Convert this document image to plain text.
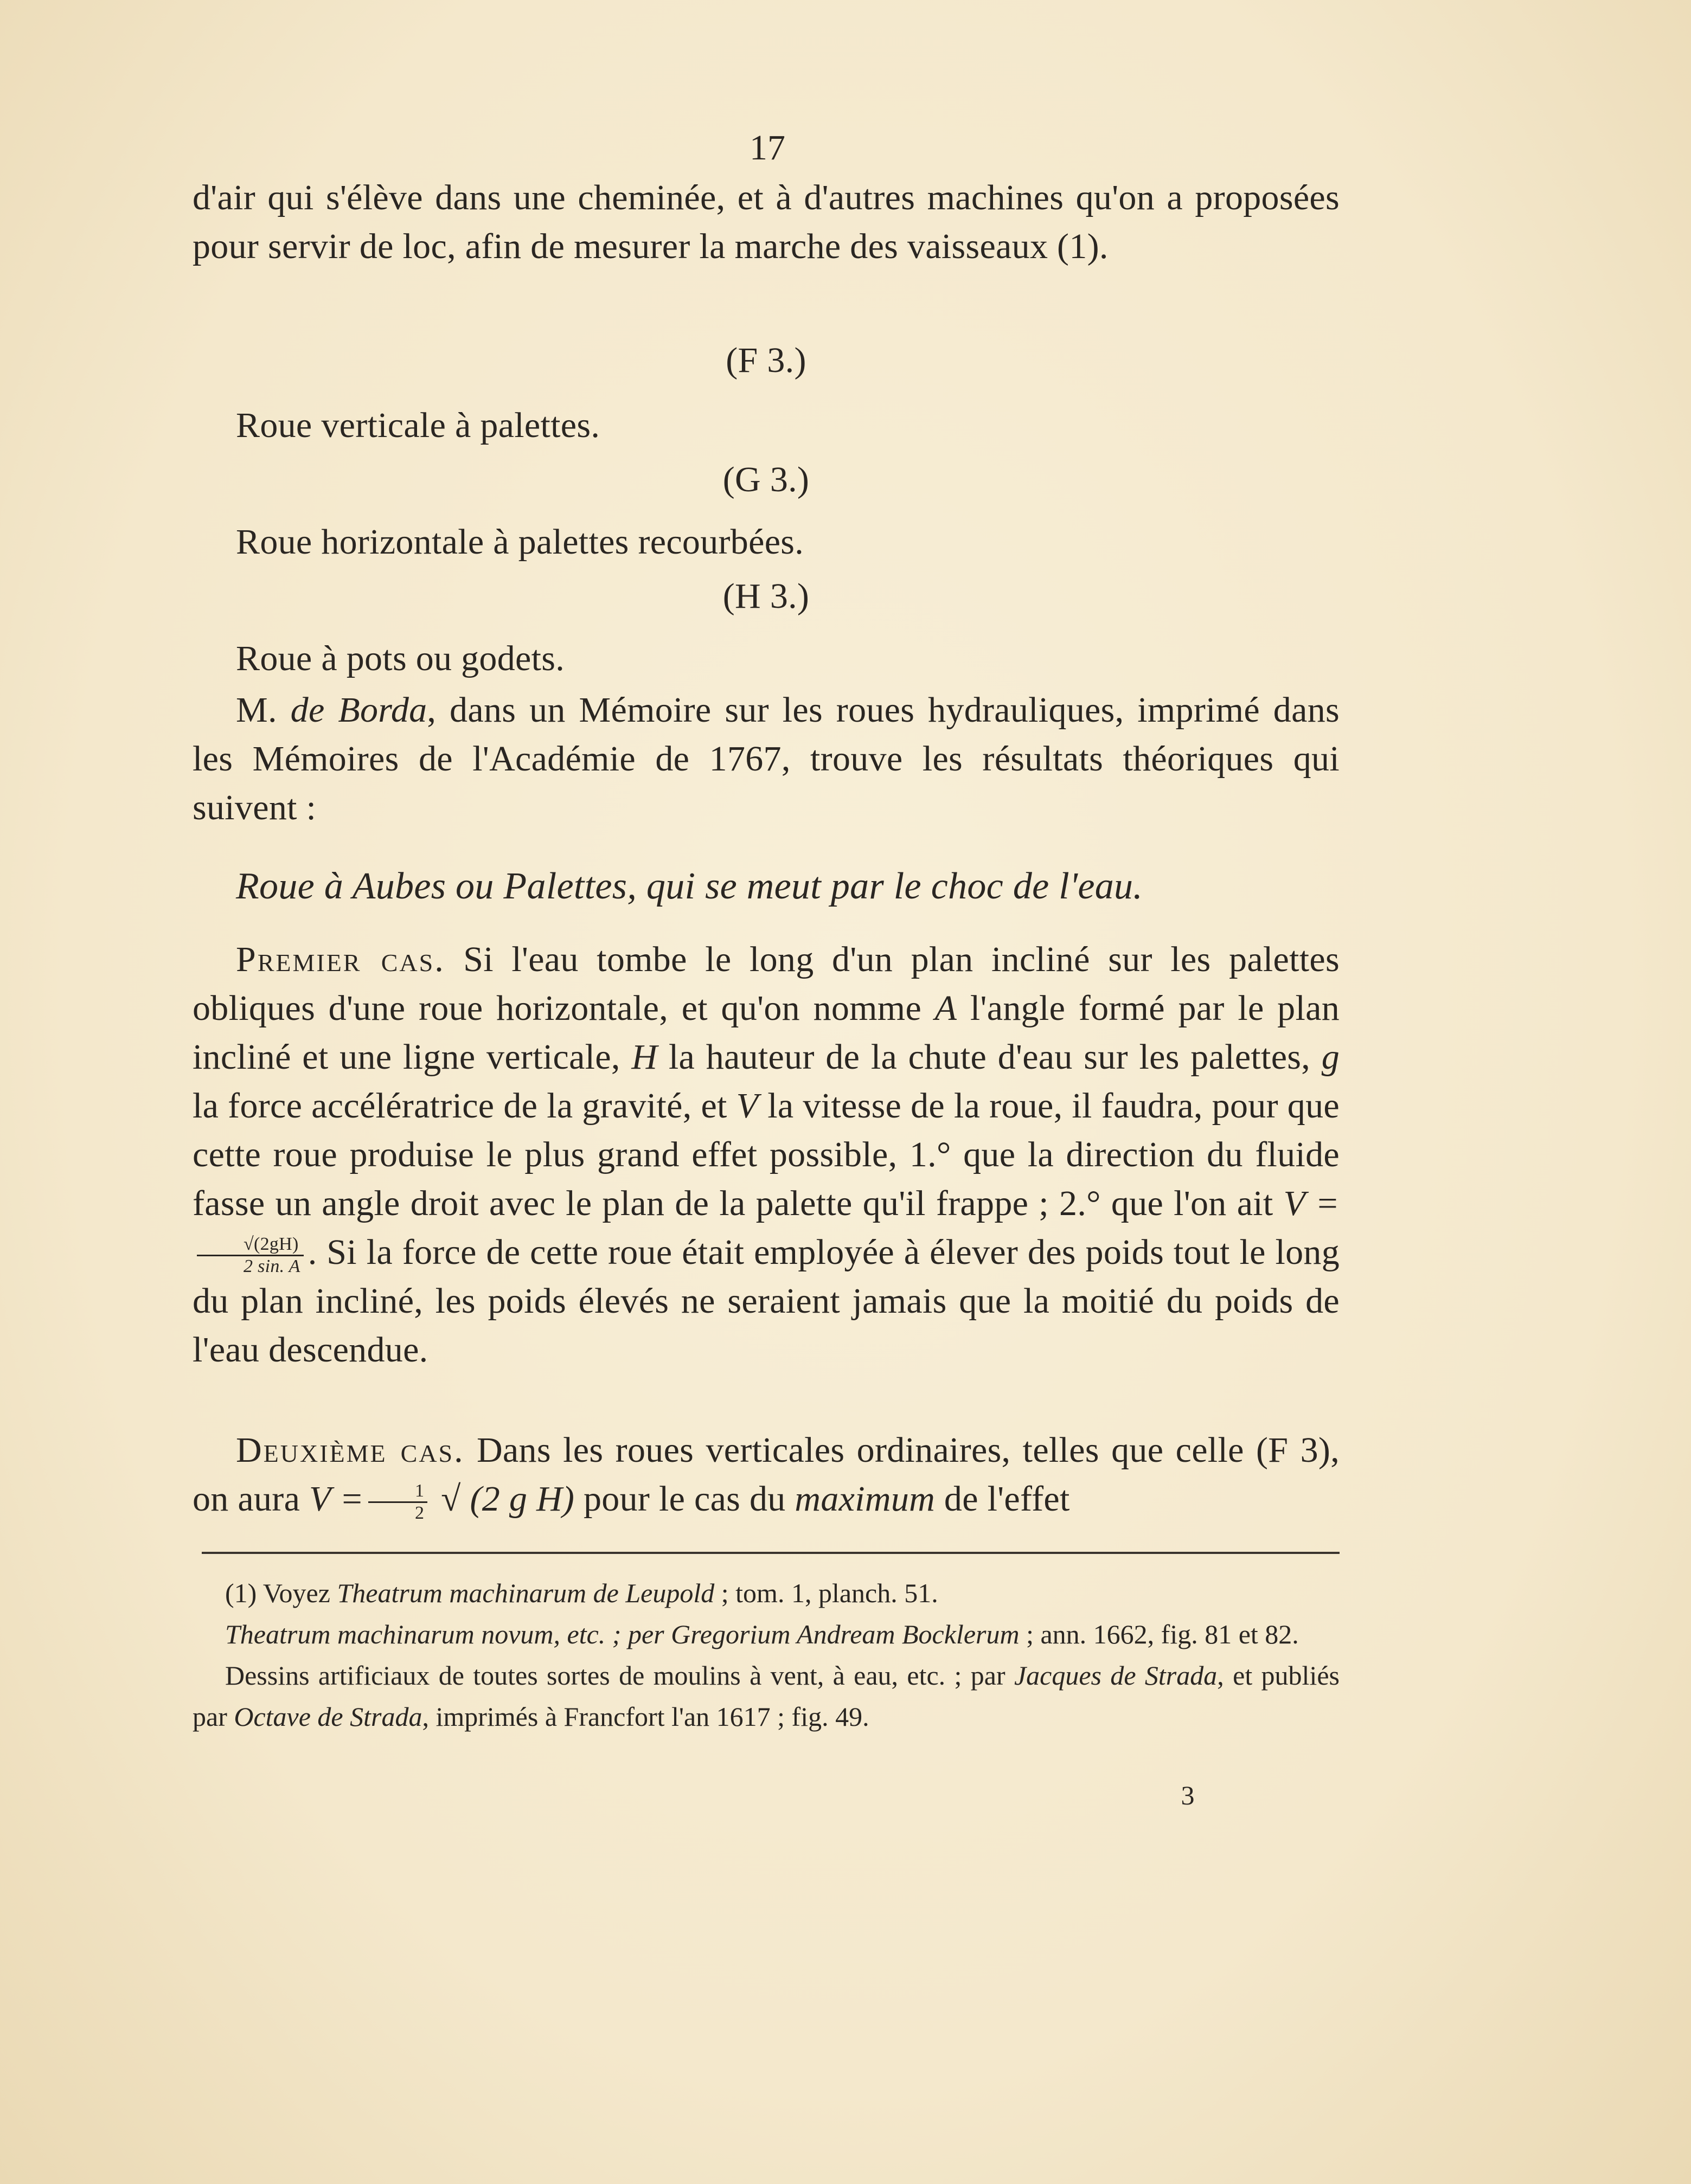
17

d'air qui s'élève dans une cheminée, et à d'autres machines qu'on a proposées pour servir de loc, afin de mesurer la marche des vaisseaux (1).

(F 3.)

Roue verticale à palettes.

(G 3.)

Roue horizontale à palettes recourbées.

(H 3.)

Roue à pots ou godets.

M. de Borda, dans un Mémoire sur les roues hydrauliques, imprimé dans les Mémoires de l'Académie de 1767, trouve les résultats théoriques qui suivent :

Roue à Aubes ou Palettes, qui se meut par le choc de l'eau.

Premier cas. Si l'eau tombe le long d'un plan incliné sur les palettes obliques d'une roue horizontale, et qu'on nomme A l'angle formé par le plan incliné et une ligne verticale, H la hauteur de la chute d'eau sur les palettes, g la force accélératrice de la gravité, et V la vitesse de la roue, il faudra, pour que cette roue produise le plus grand effet possible, 1.° que la direction du fluide fasse un angle droit avec le plan de la palette qu'il frappe ; 2.° que l'on ait V =
$\frac{√(2gH)}{2 \sin. A}$ . Si la force de cette roue était employée à élever des poids tout le long du plan incliné, les poids élevés ne seraient jamais que la moitié du poids de l'eau descendue.

Deuxième cas. Dans les roues verticales ordinaires, telles que celle (F 3), on aura $V = \frac{1}{2}$ √ (2 g H) pour le cas du maximum de l'effet

(1) Voyez Theatrum machinarum de Leupold ; tom. 1, planch. 51.

Theatrum machinarum novum, etc. ; per Gregorium Andream Bocklerum ; ann. 1662, fig. 81 et 82.

Dessins artificiaux de toutes sortes de moulins à vent, à eau, etc. ; par Jacques de Strada, et publiés par Octave de Strada, imprimés à Francfort l'an 1617 ; fig. 49.

3
